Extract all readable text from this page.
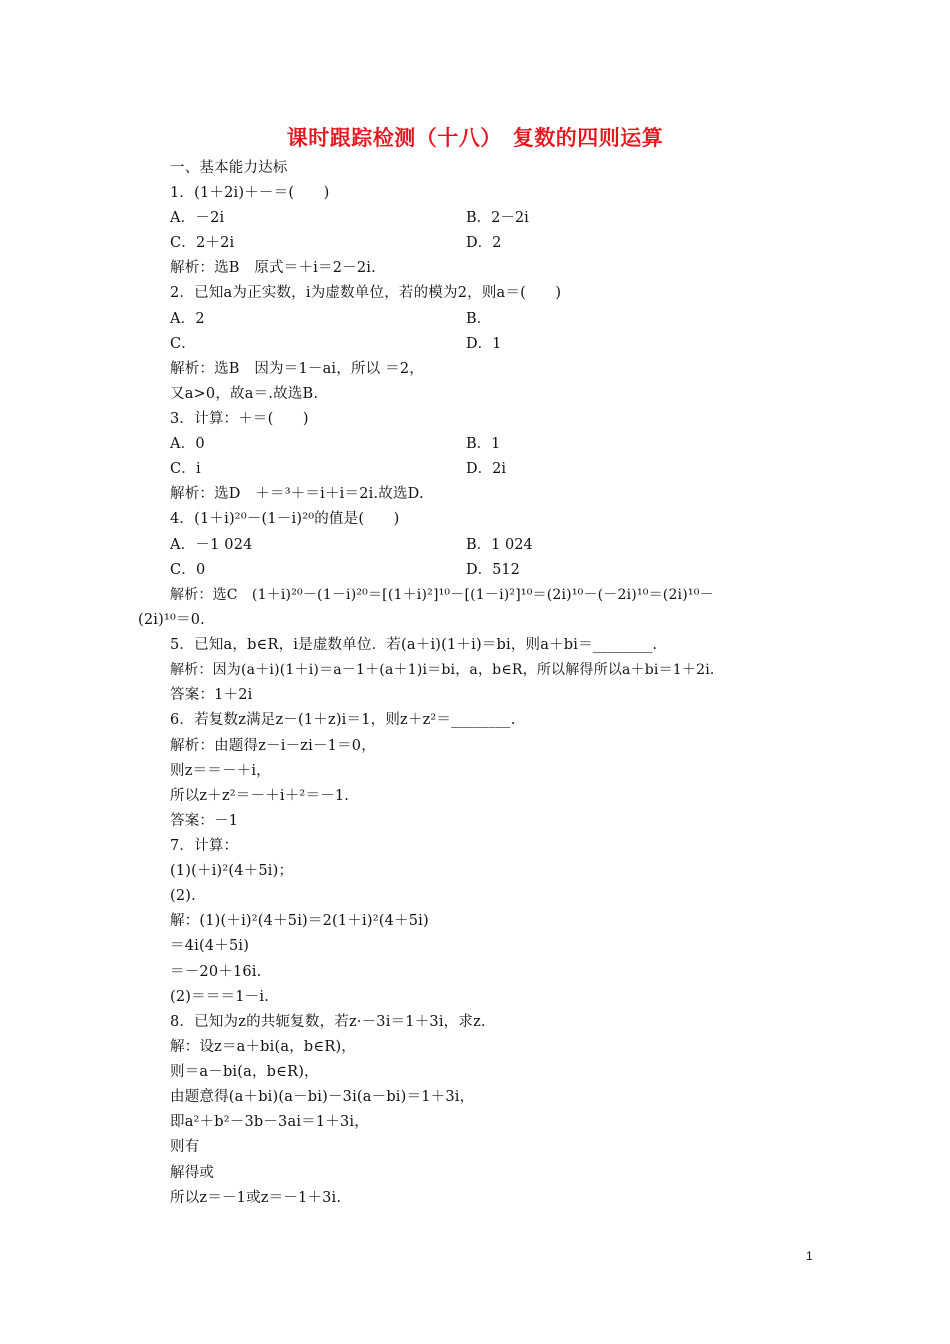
课时跟踪检测（十八）　复数的四则运算
一、基本能力达标
1．(1＋2i)＋－＝(　　)
A．－2i	B．2－2i
C．2＋2i	D．2
解析：选B　原式＝＋i＝2－2i.
2．已知a为正实数，i为虚数单位，若的模为2，则a＝(　　)
A．2	B．
C．	D．1
解析：选B　因为＝1－ai，所以 ＝2，
又a>0，故a＝.故选B.
3．计算：＋＝(　　)
A．0	B．1
C．i	D．2i
解析：选D　＋＝³＋＝i＋i＝2i.故选D.
4．(1＋i)²⁰－(1－i)²⁰的值是(　　)
A．－1 024	B．1 024
C．0	D．512
解析：选C　(1＋i)²⁰－(1－i)²⁰＝[(1＋i)²]¹⁰－[(1－i)²]¹⁰＝(2i)¹⁰－(－2i)¹⁰＝(2i)¹⁰－
(2i)¹⁰＝0.
5．已知a，b∈R，i是虚数单位．若(a＋i)(1＋i)＝bi，则a＋bi＝________.
解析：因为(a＋i)(1＋i)＝a－1＋(a＋1)i＝bi，a，b∈R，所以解得所以a＋bi＝1＋2i.
答案：1＋2i
6．若复数z满足z－(1＋z)i＝1，则z＋z²＝________.
解析：由题得z－i－zi－1＝0，
则z＝＝－＋i，
所以z＋z²＝－＋i＋²＝－1.
答案：－1
7．计算：
(1)(＋i)²(4＋5i)；
(2).
解：(1)(＋i)²(4＋5i)＝2(1＋i)²(4＋5i)
＝4i(4＋5i)
＝－20＋16i.
(2)＝＝＝1－i.
8．已知为z的共轭复数，若z·－3i＝1＋3i，求z.
解：设z＝a＋bi(a，b∈R)，
则＝a－bi(a，b∈R)，
由题意得(a＋bi)(a－bi)－3i(a－bi)＝1＋3i，
即a²＋b²－3b－3ai＝1＋3i，
则有
解得或
所以z＝－1或z＝－1＋3i.
1
